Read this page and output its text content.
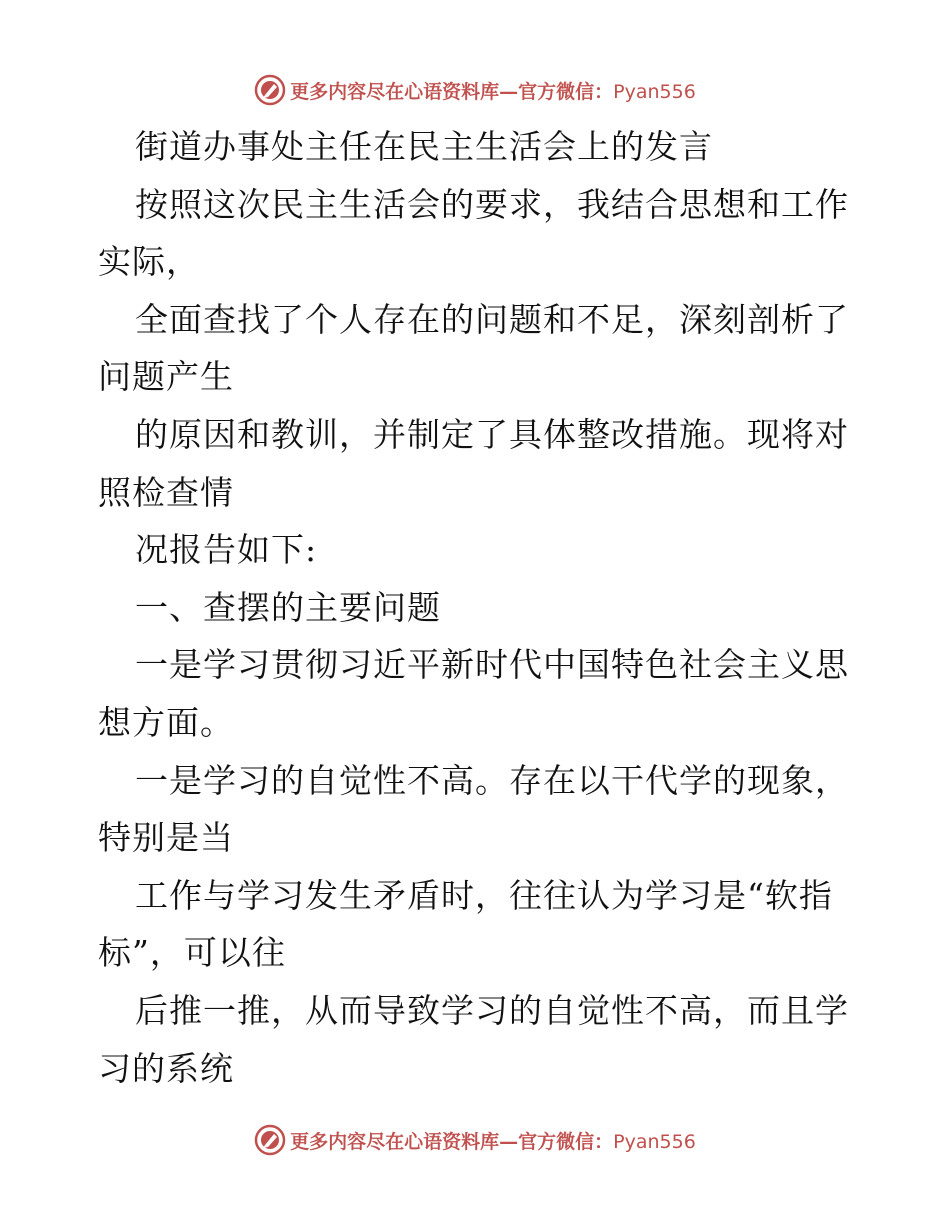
更多内容尽在心语资料库—官方微信：Pyan556
街道办事处主任在民主生活会上的发言
按照这次民主生活会的要求，我结合思想和工作
实际，
全面查找了个人存在的问题和不足，深刻剖析了
问题产生
的原因和教训，并制定了具体整改措施。现将对
照检查情
况报告如下:
一、查摆的主要问题
一是学习贯彻习近平新时代中国特色社会主义思
想方面。
一是学习的自觉性不高。存在以干代学的现象，
特别是当
工作与学习发生矛盾时，往往认为学习是“软指
标”，可以往
后推一推，从而导致学习的自觉性不高，而且学
习的系统
更多内容尽在心语资料库—官方微信：Pyan556
